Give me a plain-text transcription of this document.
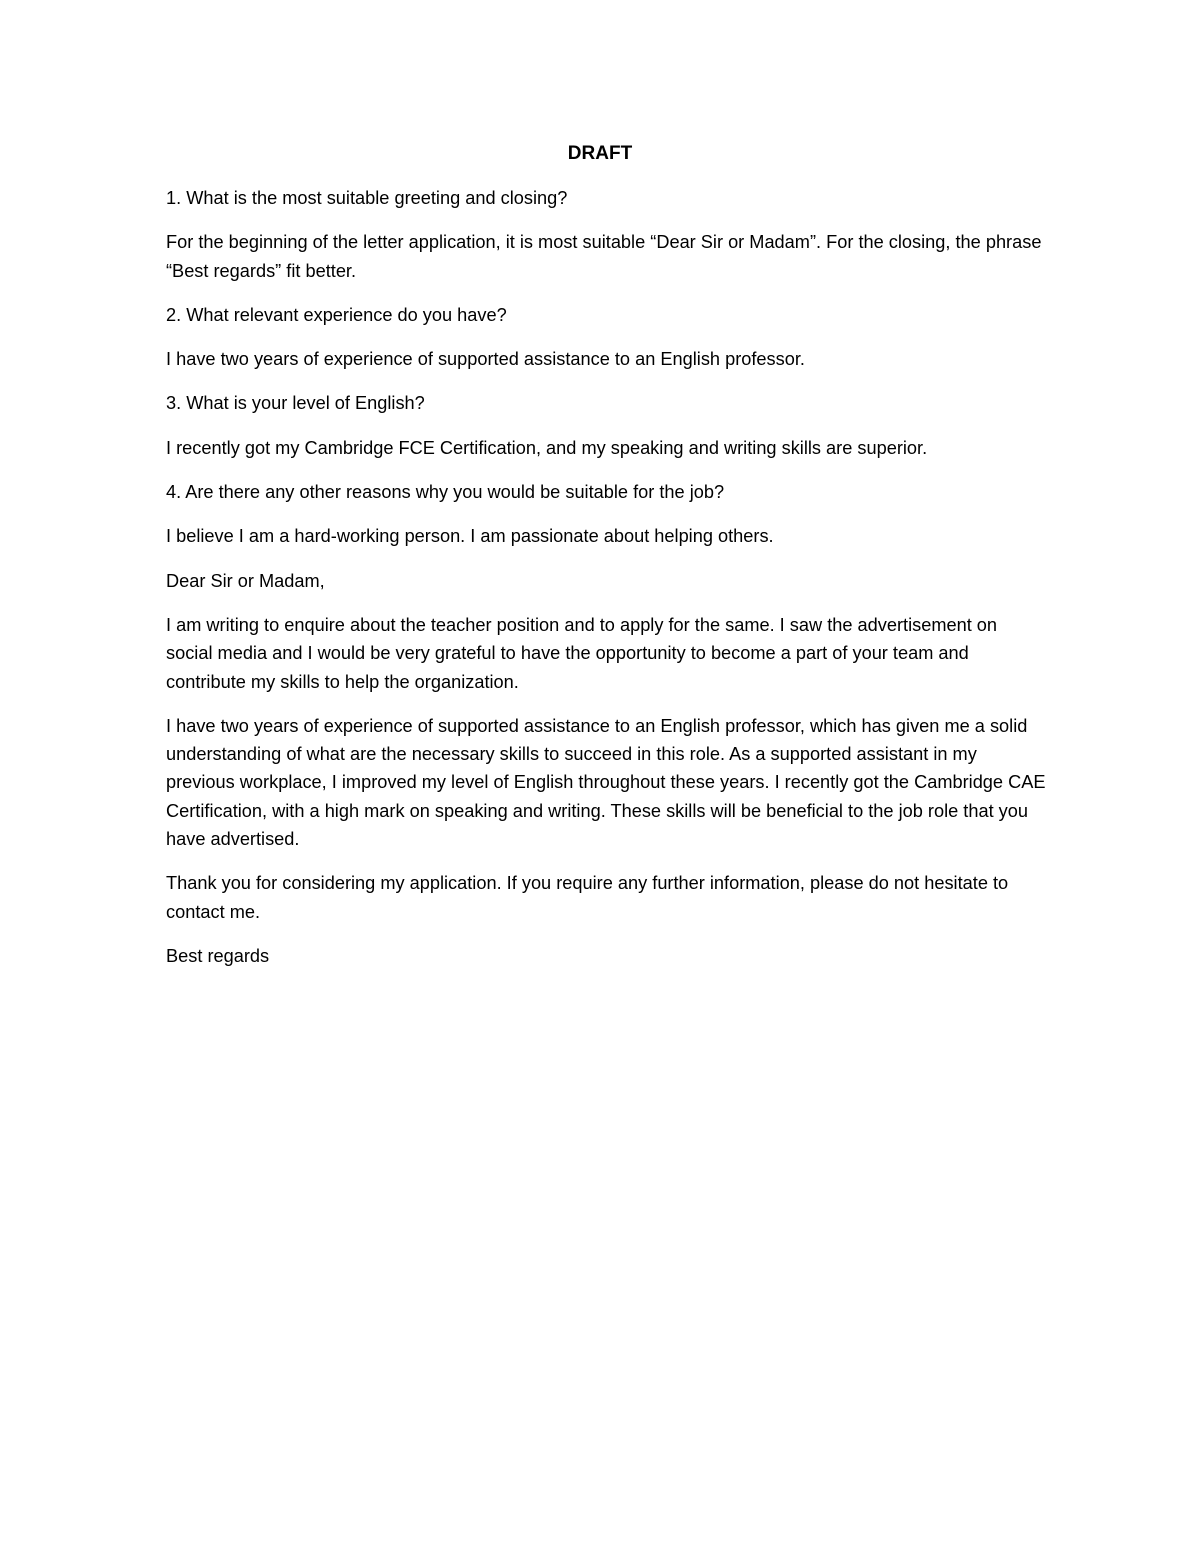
DRAFT

1. What is the most suitable greeting and closing?

For the beginning of the letter application, it is most suitable “Dear Sir or Madam”. For the closing, the phrase “Best regards” fit better.

2. What relevant experience do you have?

I have two years of experience of supported assistance to an English professor.

3. What is your level of English?

I recently got my Cambridge FCE Certification, and my speaking and writing skills are superior.

4. Are there any other reasons why you would be suitable for the job?

I believe I am a hard-working person. I am passionate about helping others.

Dear Sir or Madam,

I am writing to enquire about the teacher position and to apply for the same. I saw the advertisement on social media and I would be very grateful to have the opportunity to become a part of your team and contribute my skills to help the organization.

I have two years of experience of supported assistance to an English professor, which has given me a solid understanding of what are the necessary skills to succeed in this role. As a supported assistant in my previous workplace, I improved my level of English throughout these years. I recently got the Cambridge CAE Certification, with a high mark on speaking and writing. These skills will be beneficial to the job role that you have advertised.

Thank you for considering my application. If you require any further information, please do not hesitate to contact me.

Best regards
